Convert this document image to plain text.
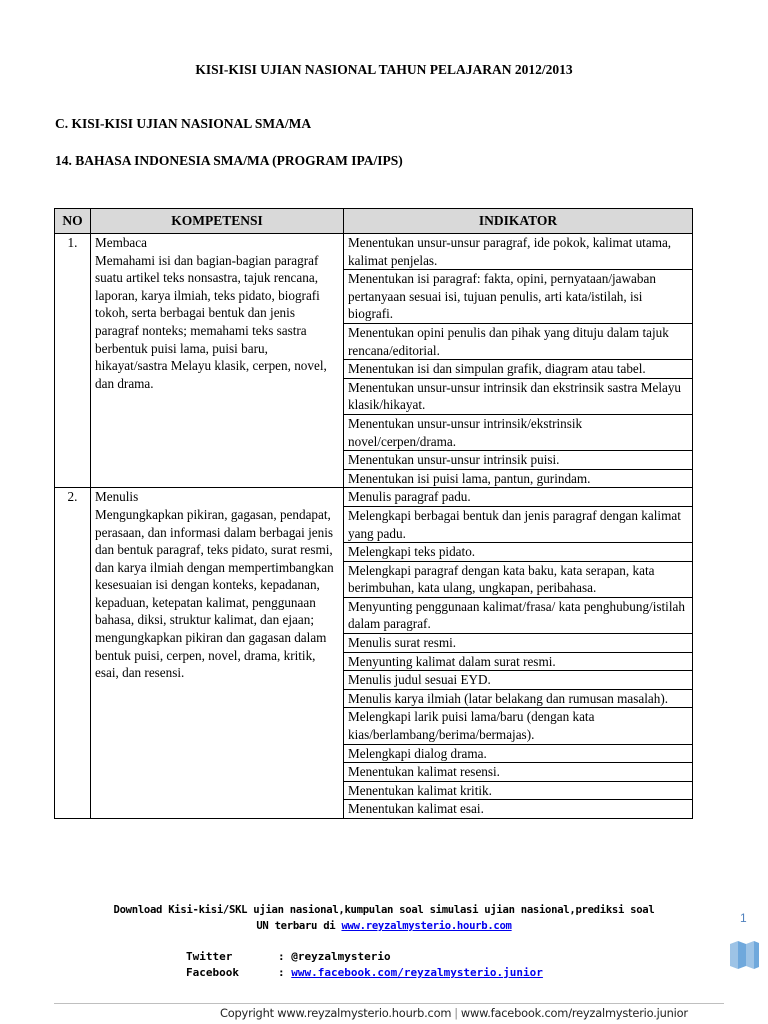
KISI-KISI UJIAN NASIONAL TAHUN PELAJARAN 2012/2013
C. KISI-KISI UJIAN NASIONAL SMA/MA
14. BAHASA INDONESIA SMA/MA (PROGRAM IPA/IPS)
NO	KOMPETENSI	INDIKATOR
1.	Membaca
Memahami isi dan bagian-bagian paragraf suatu artikel teks nonsastra, tajuk rencana, laporan, karya ilmiah, teks pidato, biografi tokoh, serta berbagai bentuk dan jenis paragraf nonteks; memahami teks sastra berbentuk puisi lama, puisi baru, hikayat/sastra Melayu klasik, cerpen, novel, dan drama.	Menentukan unsur-unsur paragraf, ide pokok, kalimat utama, kalimat penjelas.
		Menentukan isi paragraf: fakta, opini, pernyataan/jawaban pertanyaan sesuai isi, tujuan penulis, arti kata/istilah, isi biografi.
		Menentukan opini penulis dan pihak yang dituju dalam tajuk rencana/editorial.
		Menentukan isi dan simpulan grafik, diagram atau tabel.
		Menentukan unsur-unsur intrinsik dan ekstrinsik sastra Melayu klasik/hikayat.
		Menentukan unsur-unsur intrinsik/ekstrinsik novel/cerpen/drama.
		Menentukan unsur-unsur intrinsik puisi.
		Menentukan isi puisi lama, pantun, gurindam.
2.	Menulis
Mengungkapkan pikiran, gagasan, pendapat, perasaan, dan informasi dalam berbagai jenis dan bentuk paragraf, teks pidato, surat resmi, dan karya ilmiah dengan mempertimbangkan kesesuaian isi dengan konteks, kepadanan, kepaduan, ketepatan kalimat, penggunaan bahasa, diksi, struktur kalimat, dan ejaan; mengungkapkan pikiran dan gagasan dalam bentuk puisi, cerpen, novel, drama, kritik, esai, dan resensi.	Menulis paragraf padu.
		Melengkapi berbagai bentuk dan jenis paragraf dengan kalimat yang padu.
		Melengkapi teks pidato.
		Melengkapi paragraf dengan kata baku, kata serapan, kata berimbuhan, kata ulang, ungkapan, peribahasa.
		Menyunting penggunaan kalimat/frasa/ kata penghubung/istilah dalam paragraf.
		Menulis surat resmi.
		Menyunting kalimat dalam surat resmi.
		Menulis judul sesuai EYD.
		Menulis karya ilmiah (latar belakang dan rumusan masalah).
		Melengkapi larik puisi lama/baru (dengan kata kias/berlambang/berima/bermajas).
		Melengkapi dialog drama.
		Menentukan kalimat resensi.
		Menentukan kalimat kritik.
		Menentukan kalimat esai.
Download Kisi-kisi/SKL ujian nasional,kumpulan soal simulasi ujian nasional,prediksi soal
UN terbaru di www.reyzalmysterio.hourb.com
Twitter	: @reyzalmysterio
Facebook	: www.facebook.com/reyzalmysterio.junior
1
Copyright www.reyzalmysterio.hourb.com | www.facebook.com/reyzalmysterio.junior
